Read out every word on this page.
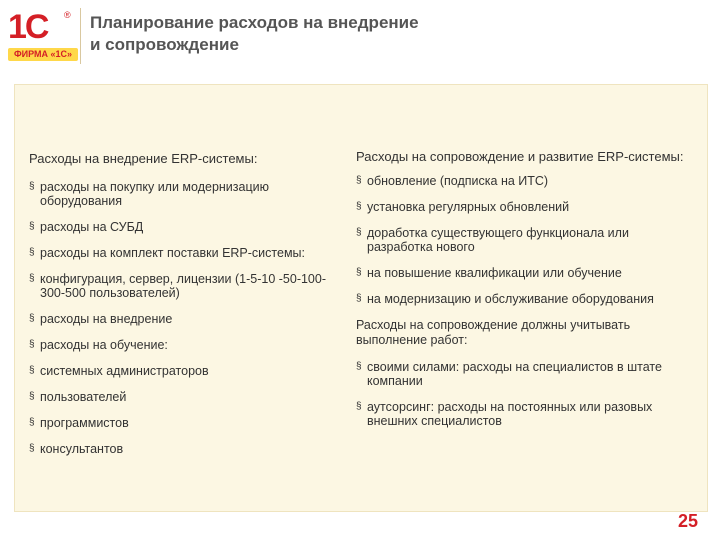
1С ®
ФИРМА «1С»
Планирование расходов на внедрение
и сопровождение
Расходы на внедрение ERP-системы:
§ расходы на покупку или модернизацию оборудования
§ расходы на СУБД
§ расходы на комплект поставки ERP-системы:
§ конфигурация, сервер, лицензии (1-5-10 -50-100-300-500 пользователей)
§ расходы на внедрение
§ расходы на обучение:
§ системных администраторов
§ пользователей
§ программистов
§ консультантов
Расходы на сопровождение и развитие ERP-системы:
§ обновление (подписка на ИТС)
§ установка регулярных обновлений
§ доработка существующего функционала или разработка нового
§ на повышение квалификации или обучение
§ на модернизацию и обслуживание оборудования
Расходы на сопровождение должны учитывать выполнение работ:
§ своими силами: расходы на специалистов в штате компании
§ аутсорсинг: расходы на постоянных или разовых внешних специалистов
25
